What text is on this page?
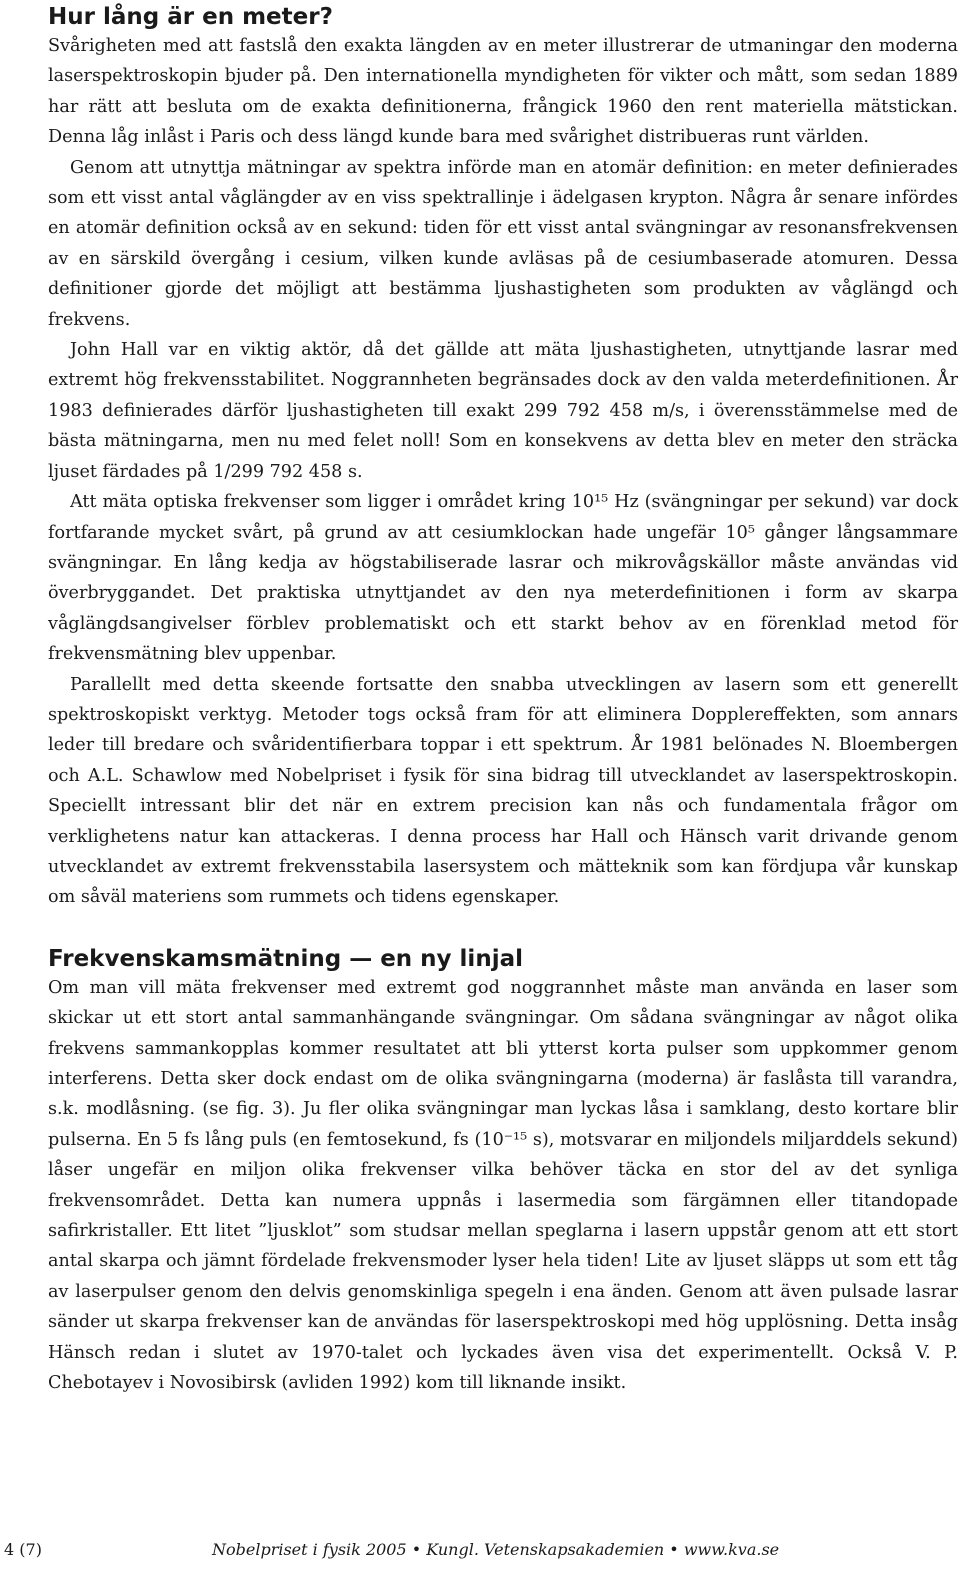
Hur lång är en meter?

Svårigheten med att fastslå den exakta längden av en meter illustrerar de utmaningar den moderna laserspektroskopin bjuder på. Den internationella myndigheten för vikter och mått, som sedan 1889 har rätt att besluta om de exakta definitionerna, frångick 1960 den rent materiella mätstickan. Denna låg inlåst i Paris och dess längd kunde bara med svårighet distribueras runt världen.

Genom att utnyttja mätningar av spektra införde man en atomär definition: en meter definierades som ett visst antal våglängder av en viss spektrallinje i ädelgasen krypton. Några år senare infördes en atomär definition också av en sekund: tiden för ett visst antal svängningar av resonansfrekvensen av en särskild övergång i cesium, vilken kunde avläsas på de cesiumbaserade atomuren. Dessa definitioner gjorde det möjligt att bestämma ljushastigheten som produkten av våglängd och frekvens.

John Hall var en viktig aktör, då det gällde att mäta ljushastigheten, utnyttjande lasrar med extremt hög frekvensstabilitet. Noggrannheten begränsades dock av den valda meterdefinitionen. År 1983 definierades därför ljushastigheten till exakt 299 792 458 m/s, i överensstämmelse med de bästa mätningarna, men nu med felet noll! Som en konsekvens av detta blev en meter den sträcka ljuset färdades på 1/299 792 458 s.

Att mäta optiska frekvenser som ligger i området kring 10¹⁵ Hz (svängningar per sekund) var dock fortfarande mycket svårt, på grund av att cesiumklockan hade ungefär 10⁵ gånger långsammare svängningar. En lång kedja av högstabiliserade lasrar och mikrovågskällor måste användas vid överbryggandet. Det praktiska utnyttjandet av den nya meterdefinitionen i form av skarpa våglängdsangivelser förblev problematiskt och ett starkt behov av en förenklad metod för frekvensmätning blev uppenbar.

Parallellt med detta skeende fortsatte den snabba utvecklingen av lasern som ett generellt spektroskopiskt verktyg. Metoder togs också fram för att eliminera Dopplereffekten, som annars leder till bredare och svåridentifierbara toppar i ett spektrum. År 1981 belönades N. Bloembergen och A.L. Schawlow med Nobelpriset i fysik för sina bidrag till utvecklandet av laserspektroskopin. Speciellt intressant blir det när en extrem precision kan nås och fundamentala frågor om verklighetens natur kan attackeras. I denna process har Hall och Hänsch varit drivande genom utvecklandet av extremt frekvensstabila lasersystem och mätteknik som kan fördjupa vår kunskap om såväl materiens som rummets och tidens egenskaper.

Frekvenskamsmätning — en ny linjal

Om man vill mäta frekvenser med extremt god noggrannhet måste man använda en laser som skickar ut ett stort antal sammanhängande svängningar. Om sådana svängningar av något olika frekvens sammankopplas kommer resultatet att bli ytterst korta pulser som uppkommer genom interferens. Detta sker dock endast om de olika svängningarna (moderna) är faslåsta till varandra, s.k. modlåsning. (se fig. 3). Ju fler olika svängningar man lyckas låsa i samklang, desto kortare blir pulserna. En 5 fs lång puls (en femtosekund, fs (10⁻¹⁵ s), motsvarar en miljondels miljarddels sekund) låser ungefär en miljon olika frekvenser vilka behöver täcka en stor del av det synliga frekvensområdet. Detta kan numera uppnås i lasermedia som färgämnen eller titandopade safirkristaller. Ett litet ”ljusklot” som studsar mellan speglarna i lasern uppstår genom att ett stort antal skarpa och jämnt fördelade frekvensmoder lyser hela tiden! Lite av ljuset släpps ut som ett tåg av laserpulser genom den delvis genomskinliga spegeln i ena änden. Genom att även pulsade lasrar sänder ut skarpa frekvenser kan de användas för laserspektroskopi med hög upplösning. Detta insåg Hänsch redan i slutet av 1970-talet och lyckades även visa det experimentellt. Också V. P. Chebotayev i Novosibirsk (avliden 1992) kom till liknande insikt.

4 (7)	Nobelpriset i fysik 2005 • Kungl. Vetenskapsakademien • www.kva.se
